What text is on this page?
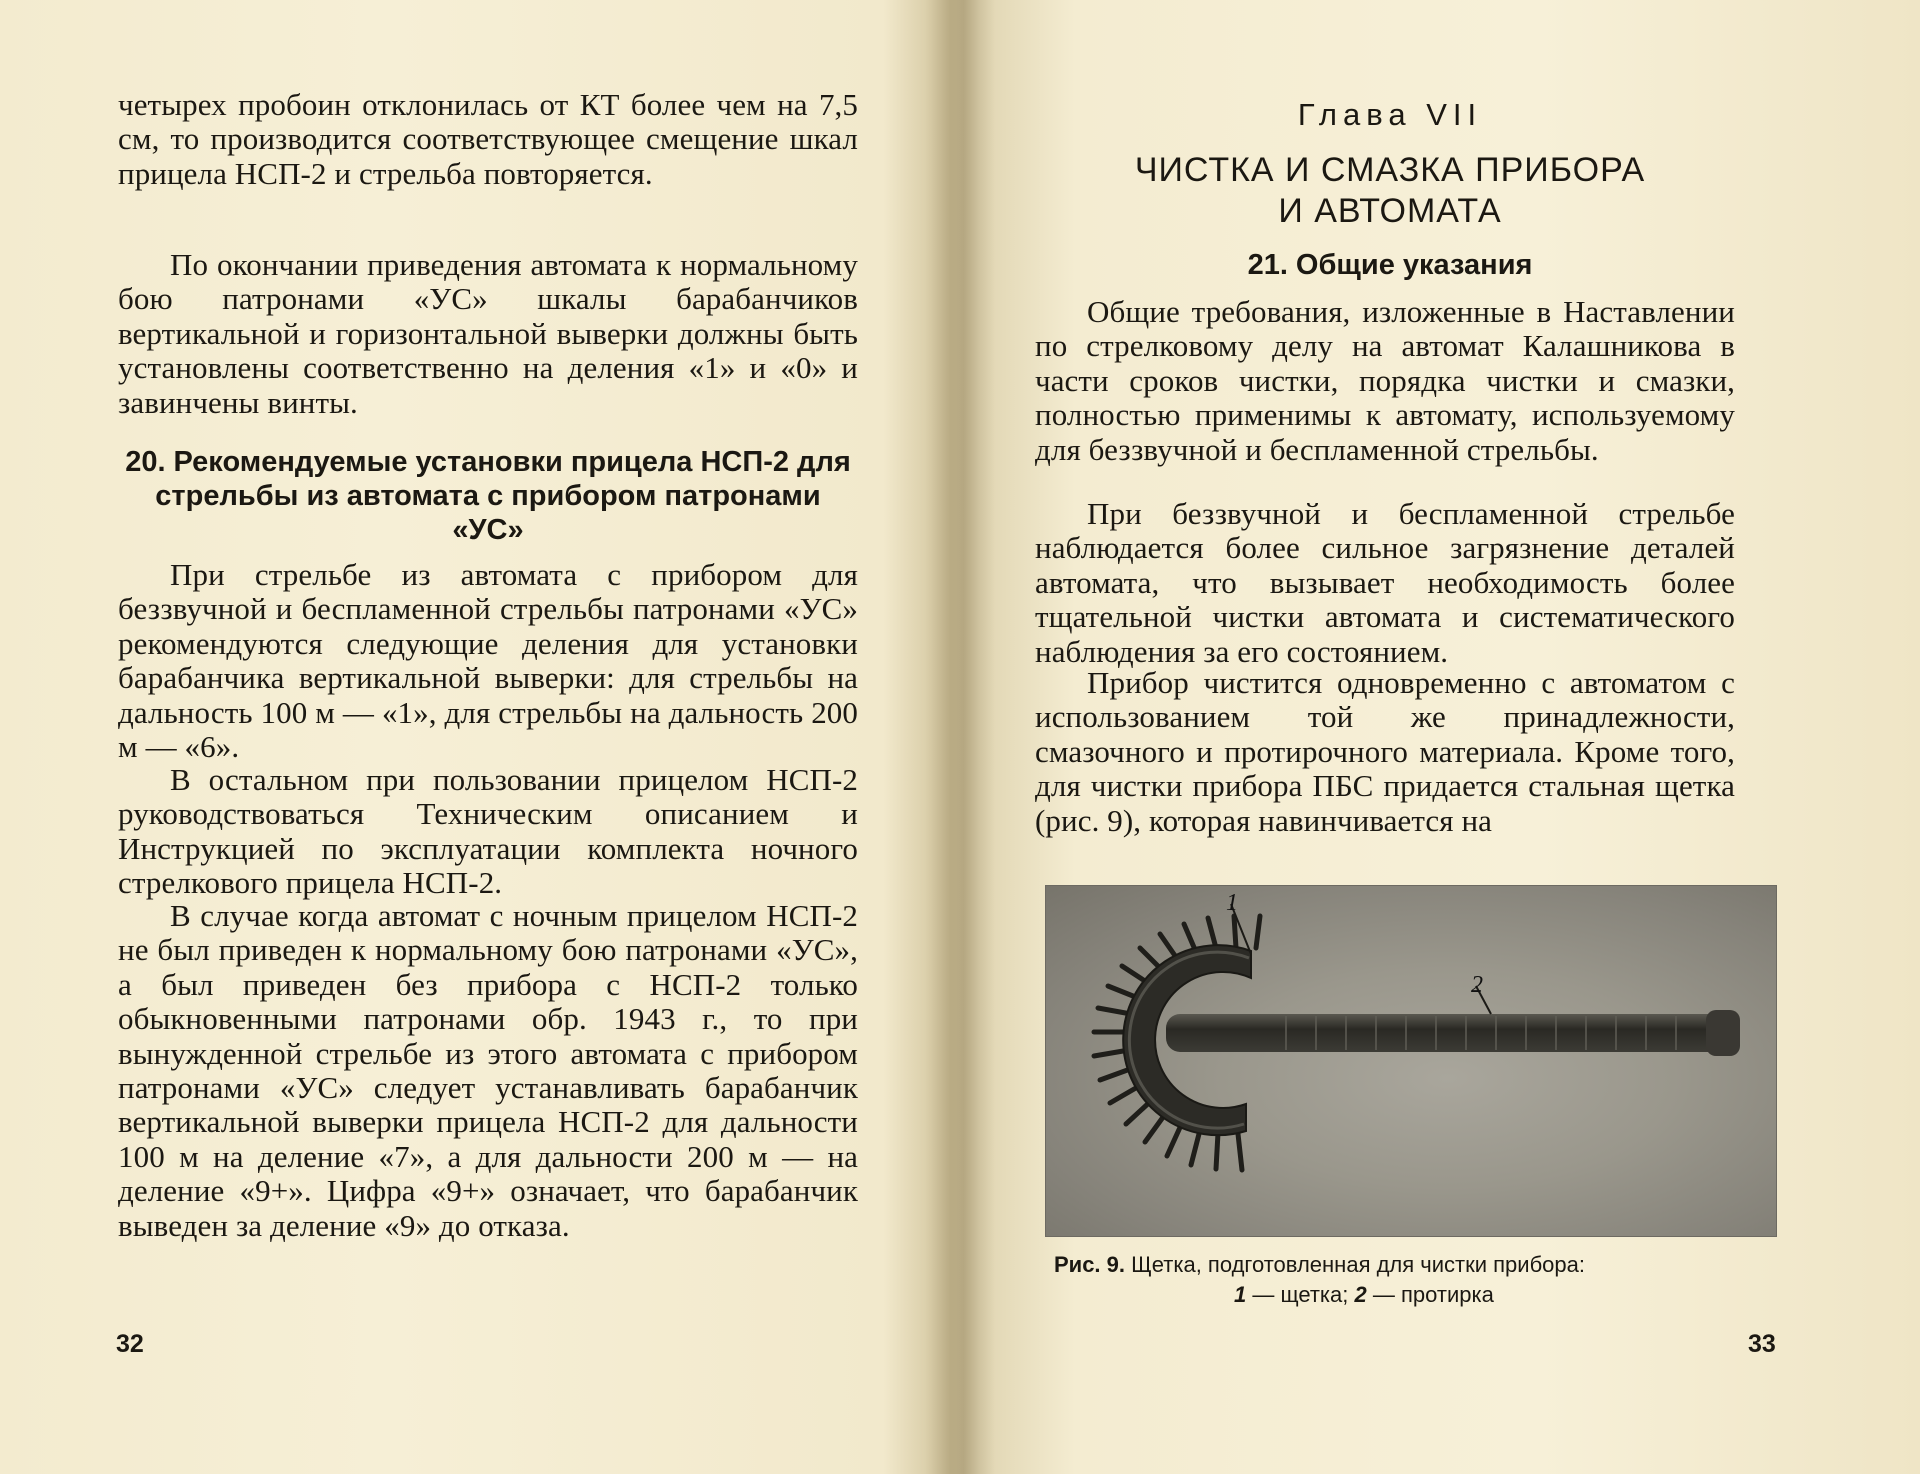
четырех пробоин отклонилась от КТ более чем на 7,5 см, то производится соответствующее смещение шкал прицела НСП-2 и стрельба повторяется.

По окончании приведения автомата к нормальному бою патронами «УС» шкалы барабанчиков вертикальной и горизонтальной выверки должны быть установлены соответственно на деления «1» и «0» и завинчены винты.

20. Рекомендуемые установки прицела НСП-2 для стрельбы из автомата с прибором патронами «УС»

При стрельбе из автомата с прибором для беззвучной и беспламенной стрельбы патронами «УС» рекомендуются следующие деления для установки барабанчика вертикальной выверки: для стрельбы на дальность 100 м — «1», для стрельбы на дальность 200 м — «6».

В остальном при пользовании прицелом НСП-2 руководствоваться Техническим описанием и Инструкцией по эксплуатации комплекта ночного стрелкового прицела НСП-2.

В случае когда автомат с ночным прицелом НСП-2 не был приведен к нормальному бою патронами «УС», а был приведен без прибора с НСП-2 только обыкновенными патронами обр. 1943 г., то при вынужденной стрельбе из этого автомата с прибором патронами «УС» следует устанавливать барабанчик вертикальной выверки прицела НСП-2 для дальности 100 м на деление «7», а для дальности 200 м — на деление «9+». Цифра «9+» означает, что барабанчик выведен за деление «9» до отказа.

32
Глава VII
ЧИСТКА И СМАЗКА ПРИБОРА
И АВТОМАТА
21. Общие указания

Общие требования, изложенные в Наставлении по стрелковому делу на автомат Калашникова в части сроков чистки, порядка чистки и смазки, полностью применимы к автомату, используемому для беззвучной и беспламенной стрельбы.

При беззвучной и беспламенной стрельбе наблюдается более сильное загрязнение деталей автомата, что вызывает необходимость более тщательной чистки автомата и систематического наблюдения за его состоянием.

Прибор чистится одновременно с автоматом с использованием той же принадлежности, смазочного и протирочного материала. Кроме того, для чистки прибора ПБС придается стальная щетка (рис. 9), которая навинчивается на

33
1
2
Рис. 9. Щетка, подготовленная для чистки прибора:
1 — щетка; 2 — протирка
